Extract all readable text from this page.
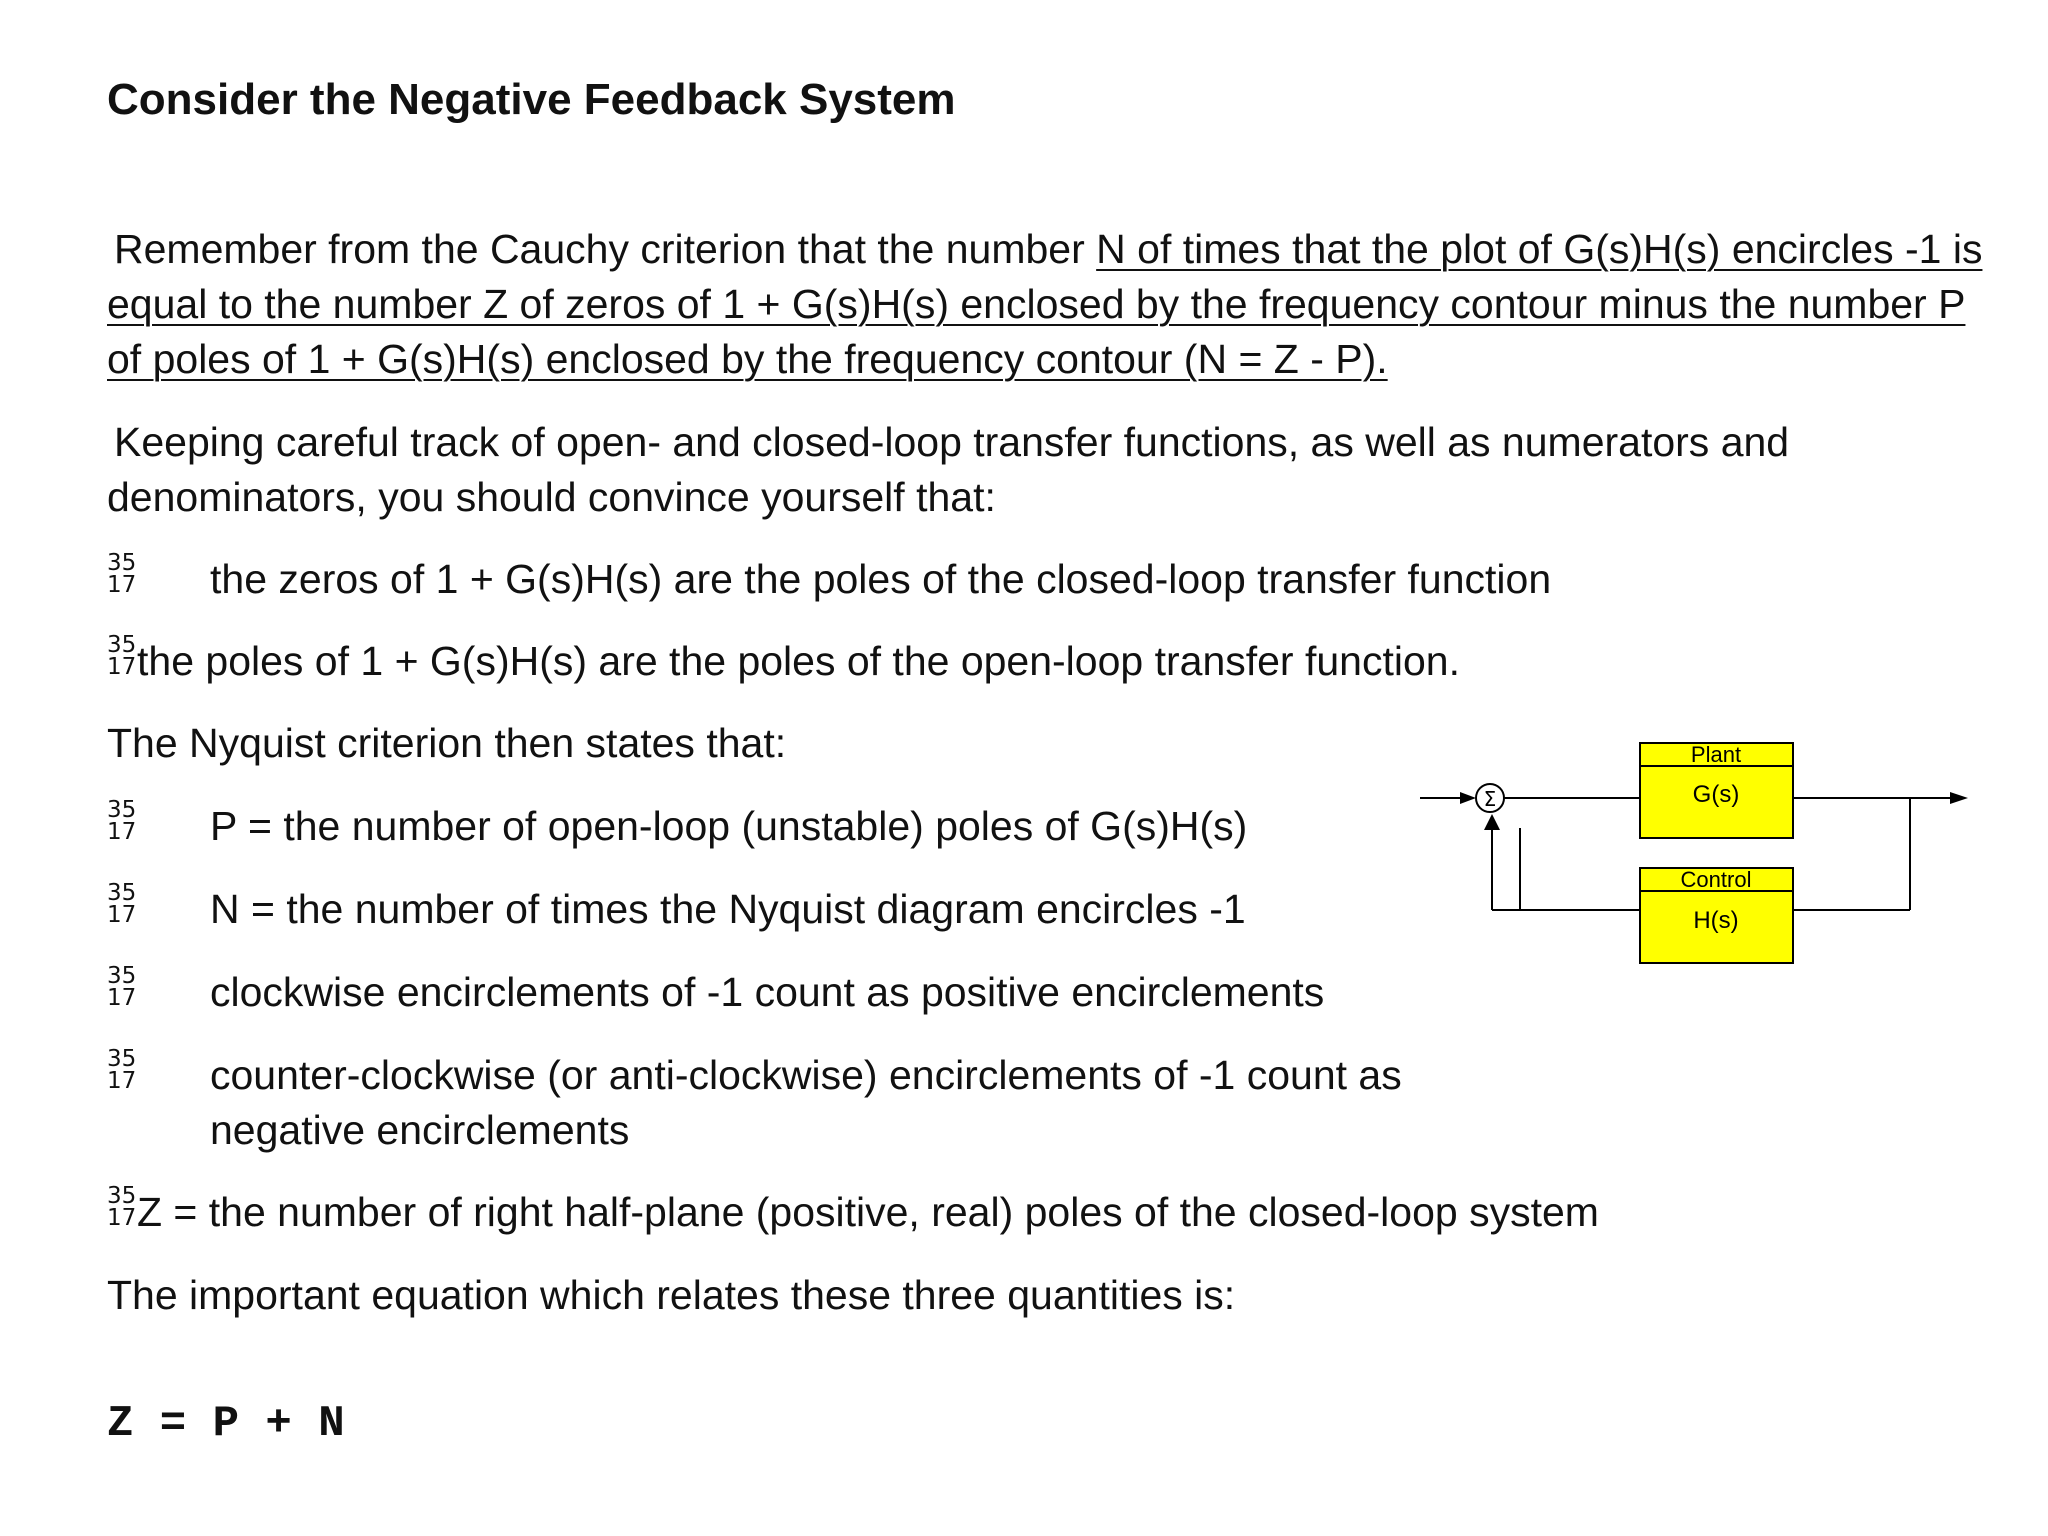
Consider the Negative Feedback System
Remember from the Cauchy criterion that the number N of times that the plot of G(s)H(s) encircles -1 is
equal to the number Z of zeros of 1 + G(s)H(s) enclosed by the frequency contour minus the number P
of poles of 1 + G(s)H(s) enclosed by the frequency contour (N = Z - P).
Keeping careful track of open- and closed-loop transfer functions, as well as numerators and
denominators, you should convince yourself that:
35
17 the zeros of 1 + G(s)H(s) are the poles of the closed-loop transfer function
35
17 the poles of 1 + G(s)H(s) are the poles of the open-loop transfer function.
The Nyquist criterion then states that:
35
17 P = the number of open-loop (unstable) poles of G(s)H(s)
35
17 N = the number of times the Nyquist diagram encircles -1
35
17 clockwise encirclements of -1 count as positive encirclements
35
17 counter-clockwise (or anti-clockwise) encirclements of -1 count as
negative encirclements
35
17 Z = the number of right half-plane (positive, real) poles of the closed-loop system
The important equation which relates these three quantities is:
Z = P + N
Σ
Plant
G(s)
Control
H(s)
